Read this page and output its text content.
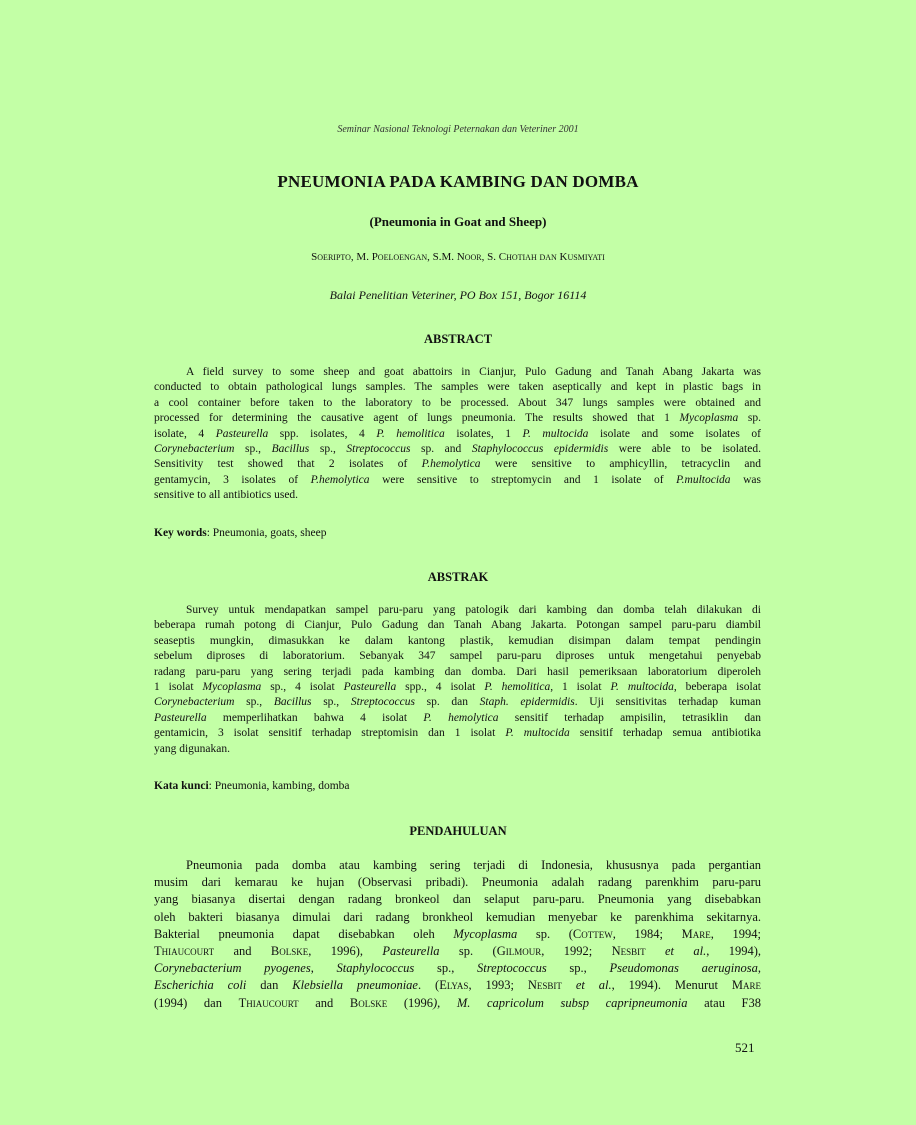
Seminar Nasional Teknologi Peternakan dan Veteriner 2001
PNEUMONIA PADA KAMBING DAN DOMBA
(Pneumonia in Goat and Sheep)
Soeripto, M. Poeloengan, S.M. Noor, S. Chotiah dan Kusmiyati
Balai Penelitian Veteriner, PO Box 151, Bogor 16114
ABSTRACT
A field survey to some sheep and goat abattoirs in Cianjur, Pulo Gadung and Tanah Abang Jakarta was
conducted to obtain pathological lungs samples. The samples were taken aseptically and kept in plastic bags in
a cool container before taken to the laboratory to be processed. About 347 lungs samples were obtained and
processed for determining the causative agent of lungs pneumonia. The results showed that 1 Mycoplasma sp.
isolate, 4 Pasteurella spp. isolates, 4 P. hemolitica isolates, 1 P. multocida isolate and some isolates of
Corynebacterium sp., Bacillus sp., Streptococcus sp. and Staphylococcus epidermidis were able to be isolated.
Sensitivity test showed that 2 isolates of P.hemolytica were sensitive to amphicyllin, tetracyclin and
gentamycin, 3 isolates of P.hemolytica were sensitive to streptomycin and 1 isolate of P.multocida was
sensitive to all antibiotics used.
Key words: Pneumonia, goats, sheep
ABSTRAK
Survey untuk mendapatkan sampel paru-paru yang patologik dari kambing dan domba telah dilakukan di
beberapa rumah potong di Cianjur, Pulo Gadung dan Tanah Abang Jakarta. Potongan sampel paru-paru diambil
seaseptis mungkin, dimasukkan ke dalam kantong plastik, kemudian disimpan dalam tempat pendingin
sebelum diproses di laboratorium. Sebanyak 347 sampel paru-paru diproses untuk mengetahui penyebab
radang paru-paru yang sering terjadi pada kambing dan domba. Dari hasil pemeriksaan laboratorium diperoleh
1 isolat Mycoplasma sp., 4 isolat Pasteurella spp., 4 isolat P. hemolitica, 1 isolat P. multocida, beberapa isolat
Corynebacterium sp., Bacillus sp., Streptococcus sp. dan Staph. epidermidis. Uji sensitivitas terhadap kuman
Pasteurella memperlihatkan bahwa 4 isolat P. hemolytica sensitif terhadap ampisilin, tetrasiklin dan
gentamicin, 3 isolat sensitif terhadap streptomisin dan 1 isolat P. multocida sensitif terhadap semua antibiotika
yang digunakan.
Kata kunci: Pneumonia, kambing, domba
PENDAHULUAN
Pneumonia pada domba atau kambing sering terjadi di Indonesia, khususnya pada pergantian
musim dari kemarau ke hujan (Observasi pribadi). Pneumonia adalah radang parenkhim paru-paru
yang biasanya disertai dengan radang bronkeol dan selaput paru-paru. Pneumonia yang disebabkan
oleh bakteri biasanya dimulai dari radang bronkheol kemudian menyebar ke parenkhima sekitarnya.
Bakterial pneumonia dapat disebabkan oleh Mycoplasma sp. (Cottew, 1984; Mare, 1994;
Thiaucourt and Bolske, 1996), Pasteurella sp. (Gilmour, 1992; Nesbit et al., 1994),
Corynebacterium pyogenes, Staphylococcus sp., Streptococcus sp., Pseudomonas aeruginosa,
Escherichia coli dan Klebsiella pneumoniae. (Elyas, 1993; Nesbit et al., 1994). Menurut Mare
(1994) dan Thiaucourt and Bolske (1996), M. capricolum subsp capripneumonia atau F38
521
